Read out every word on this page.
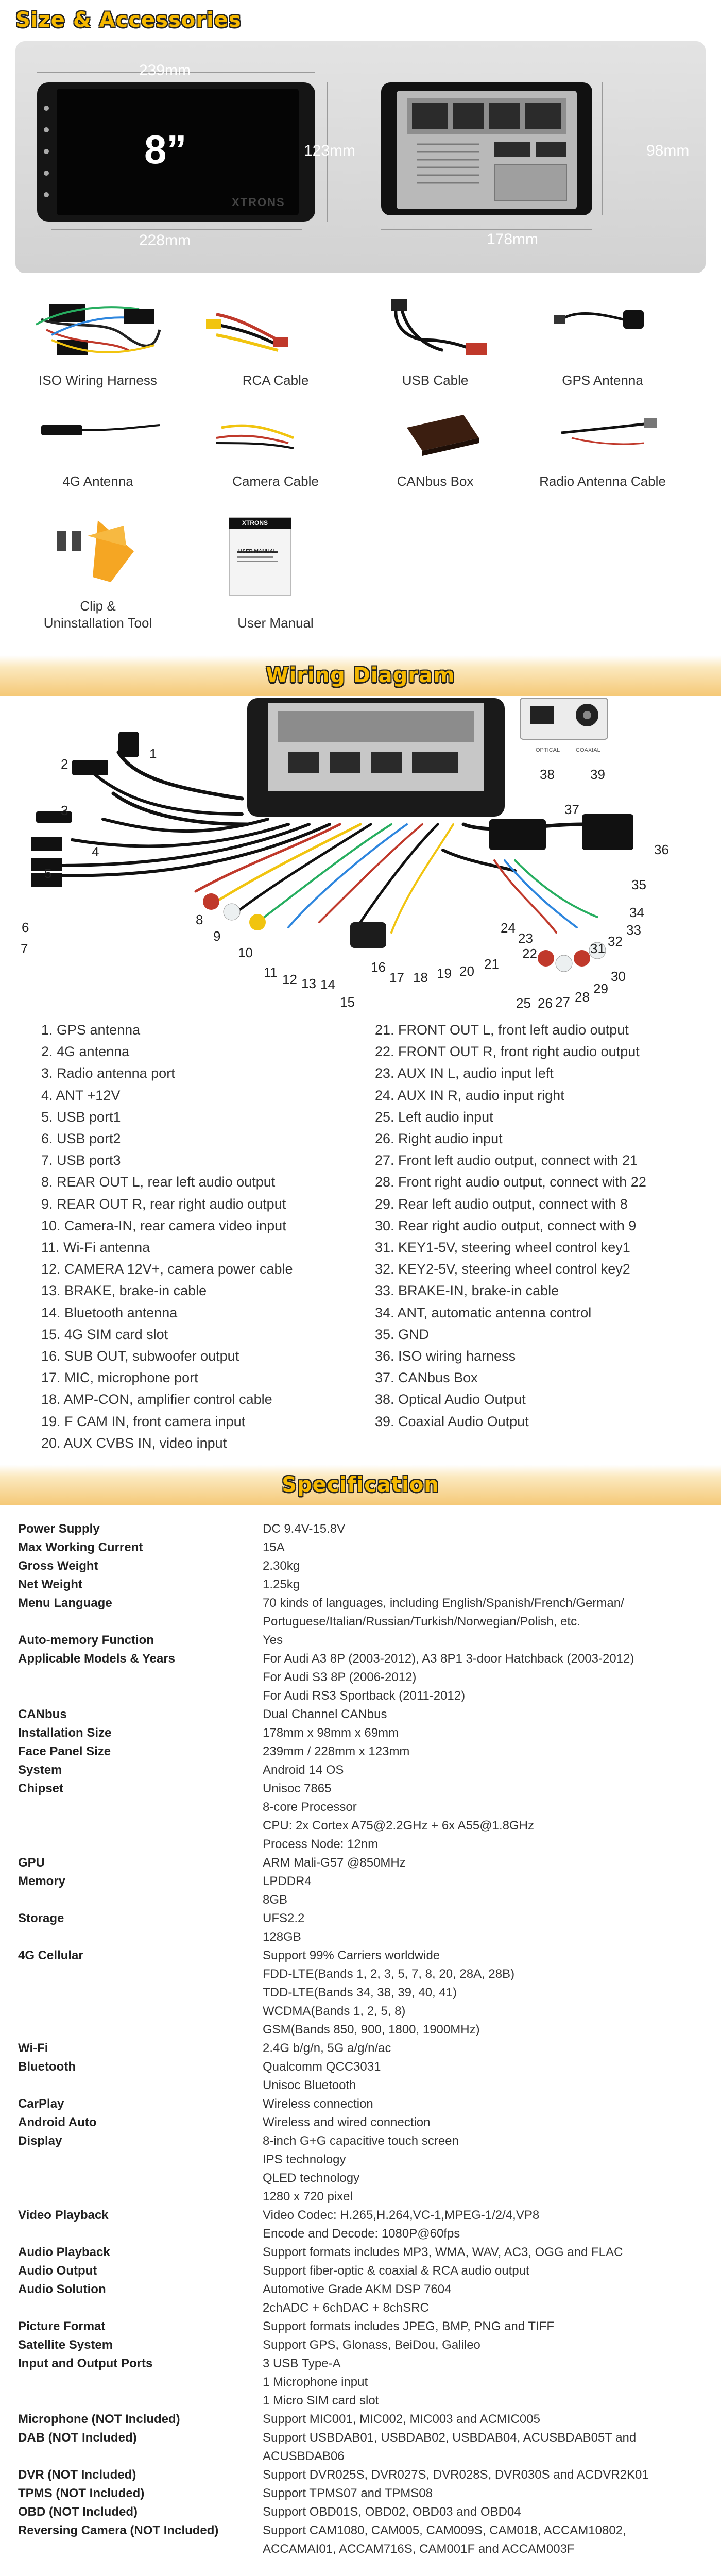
Size & Accessories
239mm
123mm
228mm	178mm
98mm
8”
XTRONS
XTRONS
USER MANUAL
ISO Wiring Harness	RCA Cable	USB Cable	GPS Antenna
4G Antenna	Camera Cable	CANbus Box	Radio Antenna Cable
Clip &
Uninstallation Tool	User Manual
Wiring Diagram
OPTICAL	COAXIAL
38	39
1
2
3
4
5
6
7
8
9
10
11 12 13 14
15
16
17 18 19 20 21
22
23
24
25 26 27 28
29
30
31 32
33
34
35
36
37
1. GPS antenna
2. 4G antenna
3. Radio antenna port
4. ANT +12V
5. USB port1
6. USB port2
7. USB port3
8. REAR OUT L, rear left audio output
9. REAR OUT R, rear right audio output
10. Camera-IN, rear camera video input
11. Wi-Fi antenna
12. CAMERA 12V+, camera power cable
13. BRAKE, brake-in cable
14. Bluetooth antenna
15. 4G SIM card slot
16. SUB OUT, subwoofer output
17. MIC, microphone port
18. AMP-CON, amplifier control cable
19. F CAM IN, front camera input
20. AUX CVBS IN, video input
21. FRONT OUT L, front left audio output
22. FRONT OUT R, front right audio output
23. AUX IN L, audio input left
24. AUX IN R, audio input right
25. Left audio input
26. Right audio input
27. Front left audio output, connect with 21
28. Front right audio output, connect with 22
29. Rear left audio output, connect with 8
30. Rear right audio output, connect with 9
31. KEY1-5V, steering wheel control key1
32. KEY2-5V, steering wheel control key2
33. BRAKE-IN, brake-in cable
34. ANT, automatic antenna control
35. GND
36. ISO wiring harness
37. CANbus Box
38. Optical Audio Output
39. Coaxial Audio Output
Specification
Power Supply	DC 9.4V-15.8V
Max Working Current	15A
Gross Weight	2.30kg
Net Weight	1.25kg
Menu Language	70 kinds of languages, including English/Spanish/French/German/
Portuguese/Italian/Russian/Turkish/Norwegian/Polish, etc.
Auto-memory Function	Yes
Applicable Models & Years	For Audi A3 8P (2003-2012), A3 8P1 3-door Hatchback (2003-2012)
For Audi S3 8P (2006-2012)
For Audi RS3 Sportback (2011-2012)
CANbus	Dual Channel CANbus
Installation Size	178mm x 98mm x 69mm
Face Panel Size	239mm / 228mm x 123mm
System	Android 14 OS
Chipset	Unisoc 7865
8-core Processor
CPU: 2x Cortex A75@2.2GHz + 6x A55@1.8GHz
Process Node: 12nm
GPU	ARM Mali-G57 @850MHz
Memory	LPDDR4
8GB
Storage	UFS2.2
128GB
4G Cellular	Support 99% Carriers worldwide
FDD-LTE(Bands 1, 2, 3, 5, 7, 8, 20, 28A, 28B)
TDD-LTE(Bands 34, 38, 39, 40, 41)
WCDMA(Bands 1, 2, 5, 8)
GSM(Bands 850, 900, 1800, 1900MHz)
Wi-Fi	2.4G b/g/n, 5G a/g/n/ac
Bluetooth	Qualcomm QCC3031
Unisoc Bluetooth
CarPlay	Wireless connection
Android Auto	Wireless and wired connection
Display	8-inch G+G capacitive touch screen
IPS technology
QLED technology
1280 x 720 pixel
Video Playback	Video Codec: H.265,H.264,VC-1,MPEG-1/2/4,VP8
Encode and Decode: 1080P@60fps
Audio Playback	Support formats includes MP3, WMA, WAV, AC3, OGG and FLAC
Audio Output	Support fiber-optic & coaxial & RCA audio output
Audio Solution	Automotive Grade AKM DSP 7604
2chADC + 6chDAC + 8chSRC
Picture Format	Support formats includes JPEG, BMP, PNG and TIFF
Satellite System	Support GPS, Glonass, BeiDou, Galileo
Input and Output Ports	3 USB Type-A
1 Microphone input
1 Micro SIM card slot
Microphone (NOT Included)	Support MIC001, MIC002, MIC003 and ACMIC005
DAB (NOT Included)	Support USBDAB01, USBDAB02, USBDAB04, ACUSBDAB05T and
ACUSBDAB06
DVR (NOT Included)	Support DVR025S, DVR027S, DVR028S, DVR030S and ACDVR2K01
TPMS (NOT Included)	Support TPMS07 and TPMS08
OBD (NOT Included)	Support OBD01S, OBD02, OBD03 and OBD04
Reversing Camera (NOT Included)	Support CAM1080, CAM005, CAM009S, CAM018, ACCAM10802,
ACCAMAI01, ACCAM716S, CAM001F and ACCAM003F
